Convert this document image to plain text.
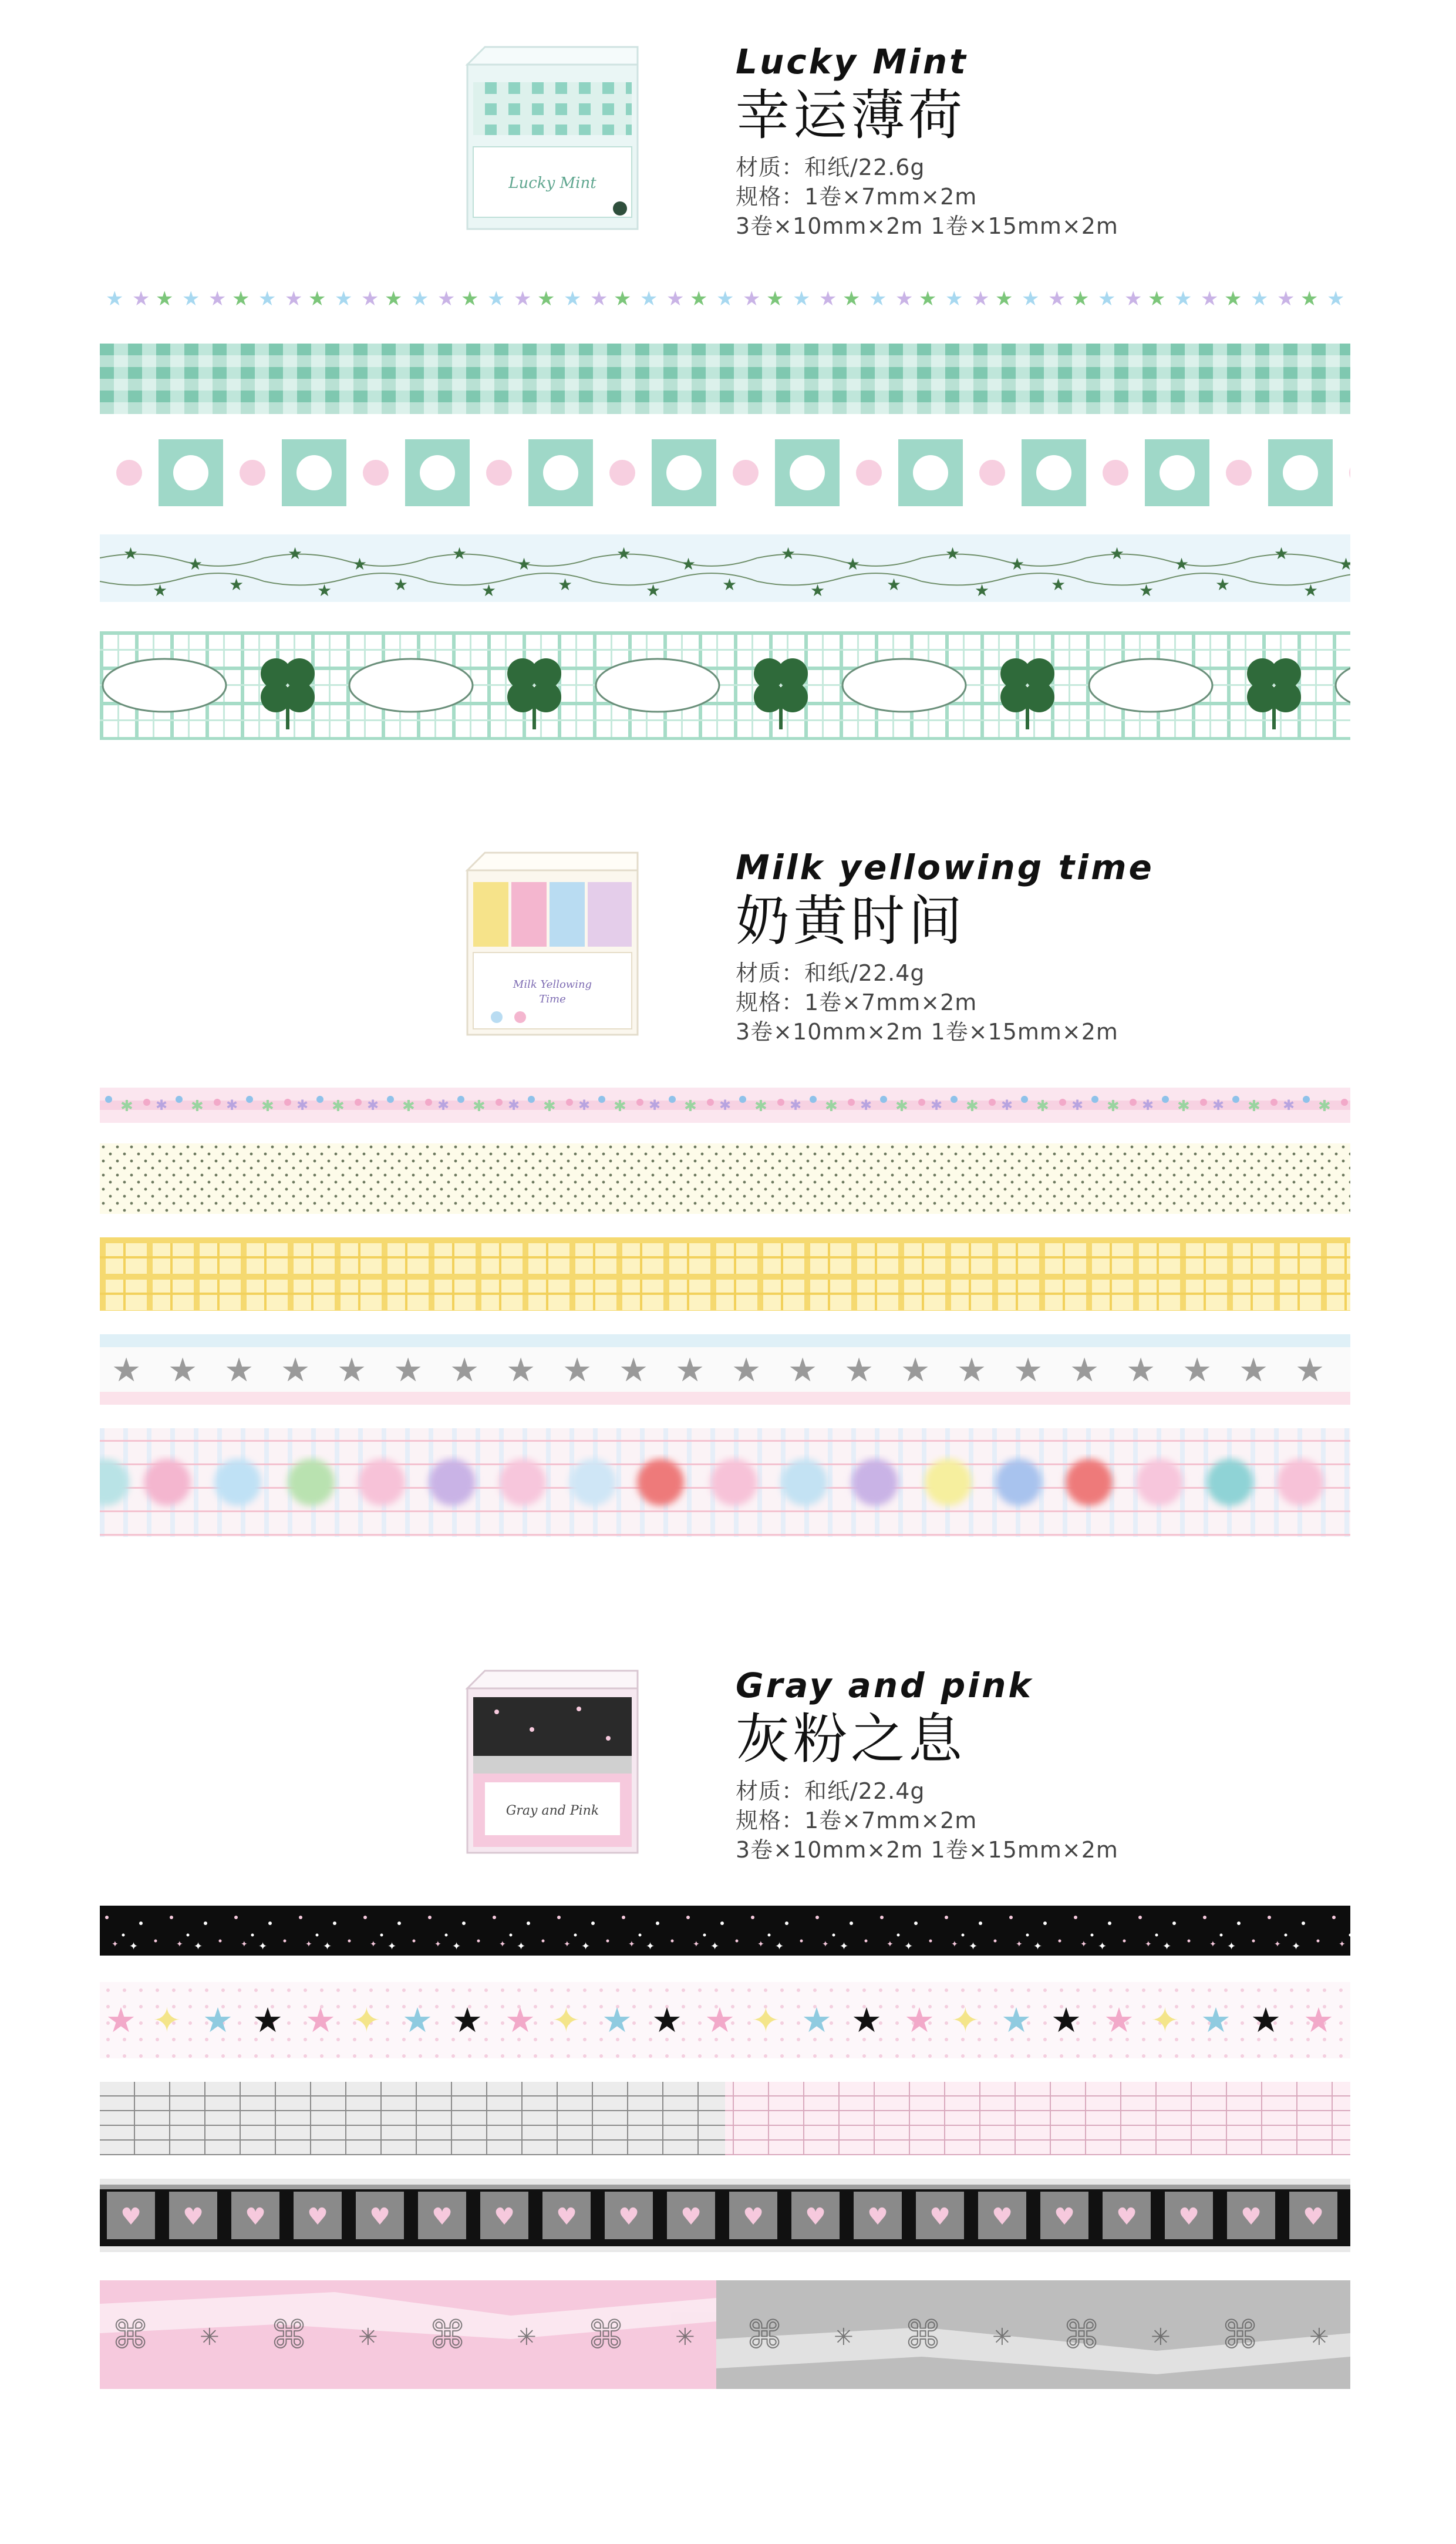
Lucky Mint
Lucky Mint
幸运薄荷
材质：和纸/22.6g
规格：1卷×7mm×2m
3卷×10mm×2m 1卷×15mm×2m
Milk Yellowing
Time
Milk yellowing time
奶黄时间
材质：和纸/22.4g
规格：1卷×7mm×2m
3卷×10mm×2m 1卷×15mm×2m
Gray and Pink
Gray and pink
灰粉之息
材质：和纸/22.4g
规格：1卷×7mm×2m
3卷×10mm×2m 1卷×15mm×2m
